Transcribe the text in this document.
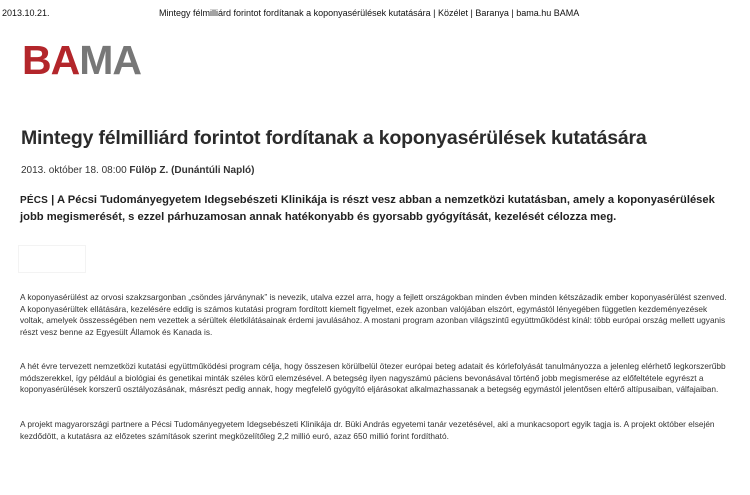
2013.10.21.	Mintegy félmilliárd forintot fordítanak a koponyasérülések kutatására | Közélet | Baranya | bama.hu BAMA
BAMA
Mintegy félmilliárd forintot fordítanak a koponyasérülések kutatására
2013. október 18. 08:00 Fülöp Z. (Dunántúli Napló)
PÉCS | A Pécsi Tudományegyetem Idegsebészeti Klinikája is részt vesz abban a nemzetközi kutatásban, amely a koponyasérülések jobb megismerését, s ezzel párhuzamosan annak hatékonyabb és gyorsabb gyógyítását, kezelését célozza meg.

A koponyasérülést az orvosi szakzsargonban „csöndes járványnak” is nevezik, utalva ezzel arra, hogy a fejlett országokban minden évben minden kétszázadik ember koponyasérülést szenved. A koponyasérültek ellátására, kezelésére eddig is számos kutatási program fordított kiemelt figyelmet, ezek azonban valójában elszórt, egymástól lényegében független kezdeményezések voltak, amelyek összességében nem vezettek a sérültek életkilátásainak érdemi javulásához. A mostani program azonban világszintű együttműködést kínál: több európai ország mellett ugyanis részt vesz benne az Egyesült Államok és Kanada is.

A hét évre tervezett nemzetközi kutatási együttműködési program célja, hogy összesen körülbelül ötezer európai beteg adatait és kórlefolyását tanulmányozza a jelenleg elérhető legkorszerűbb módszerekkel, így például a biológiai és genetikai minták széles körű elemzésével. A betegség ilyen nagyszámú páciens bevonásával történő jobb megismerése az előfeltétele egyrészt a koponyasérülések korszerű osztályozásának, másrészt pedig annak, hogy megfelelő gyógyító eljárásokat alkalmazhassanak a betegség egymástól jelentősen eltérő altípusaiban, válfajaiban.

A projekt magyarországi partnere a Pécsi Tudományegyetem Idegsebészeti Klinikája dr. Büki András egyetemi tanár vezetésével, aki a munkacsoport egyik tagja is. A projekt október elsején kezdődött, a kutatásra az előzetes számítások szerint megközelítőleg 2,2 millió euró, azaz 650 millió forint fordítható.
